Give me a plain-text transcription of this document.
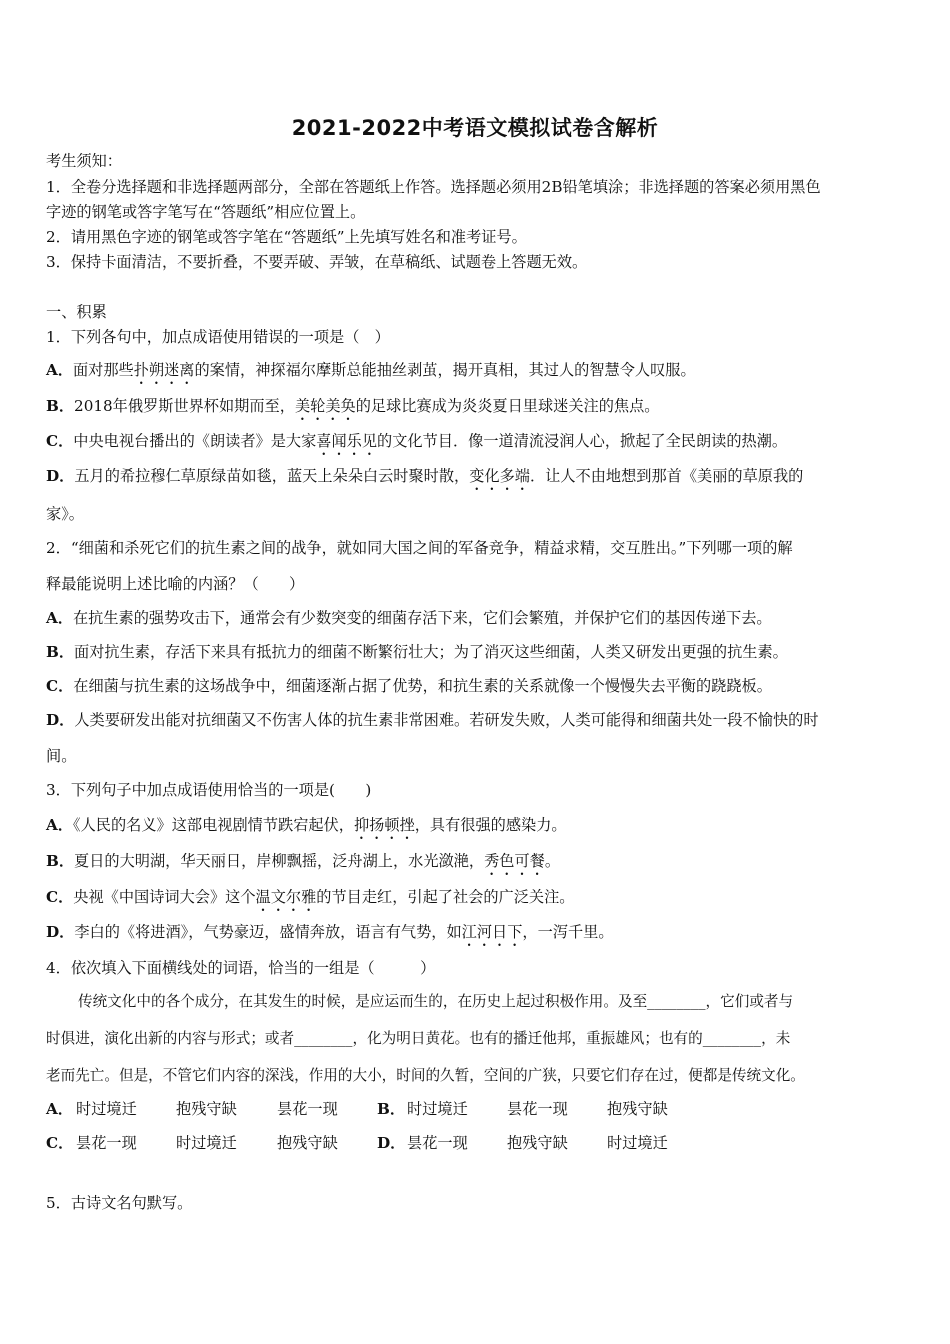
2021-2022中考语文模拟试卷含解析
考生须知：
1．全卷分选择题和非选择题两部分，全部在答题纸上作答。选择题必须用2B铅笔填涂；非选择题的答案必须用黑色
字迹的钢笔或答字笔写在“答题纸”相应位置上。
2．请用黑色字迹的钢笔或答字笔在“答题纸”上先填写姓名和准考证号。
3．保持卡面清洁，不要折叠，不要弄破、弄皱，在草稿纸、试题卷上答题无效。
一、积累
1．下列各句中，加点成语使用错误的一项是（　）
A．面对那些扑朔迷离的案情，神探福尔摩斯总能抽丝剥茧，揭开真相，其过人的智慧令人叹服。
B．2018年俄罗斯世界杯如期而至，美轮美奂的足球比赛成为炎炎夏日里球迷关注的焦点。
C．中央电视台播出的《朗读者》是大家喜闻乐见的文化节目．像一道清流浸润人心，掀起了全民朗读的热潮。
D．五月的希拉穆仁草原绿苗如毯，蓝天上朵朵白云时聚时散，变化多端．让人不由地想到那首《美丽的草原我的
家》。
2．“细菌和杀死它们的抗生素之间的战争，就如同大国之间的军备竞争，精益求精，交互胜出。”下列哪一项的解
释最能说明上述比喻的内涵？（　　）
A．在抗生素的强势攻击下，通常会有少数突变的细菌存活下来，它们会繁殖，并保护它们的基因传递下去。
B．面对抗生素，存活下来具有抵抗力的细菌不断繁衍壮大；为了消灭这些细菌，人类又研发出更强的抗生素。
C．在细菌与抗生素的这场战争中，细菌逐渐占据了优势，和抗生素的关系就像一个慢慢失去平衡的跷跷板。
D．人类要研发出能对抗细菌又不伤害人体的抗生素非常困难。若研发失败，人类可能得和细菌共处一段不愉快的时
间。
3．下列句子中加点成语使用恰当的一项是(　　)
A．《人民的名义》这部电视剧情节跌宕起伏，抑扬顿挫，具有很强的感染力。
B．夏日的大明湖，华天丽日，岸柳飘摇，泛舟湖上，水光潋滟，秀色可餐。
C．央视《中国诗词大会》这个温文尔雅的节目走红，引起了社会的广泛关注。
D．李白的《将进酒》，气势豪迈，盛情奔放，语言有气势，如江河日下，一泻千里。
4．依次填入下面横线处的词语，恰当的一组是（　　　）
传统文化中的各个成分，在其发生的时候，是应运而生的，在历史上起过积极作用。及至________，它们或者与
时俱进，演化出新的内容与形式；或者________，化为明日黄花。也有的播迁他邦，重振雄风；也有的________，未
老而先亡。但是，不管它们内容的深浅，作用的大小，时间的久暂，空间的广狭，只要它们存在过，便都是传统文化。
A． 时过境迁	抱残守缺	昙花一现	B． 时过境迁	昙花一现	抱残守缺
C． 昙花一现	时过境迁	抱残守缺	D． 昙花一现	抱残守缺	时过境迁
5．古诗文名句默写。
